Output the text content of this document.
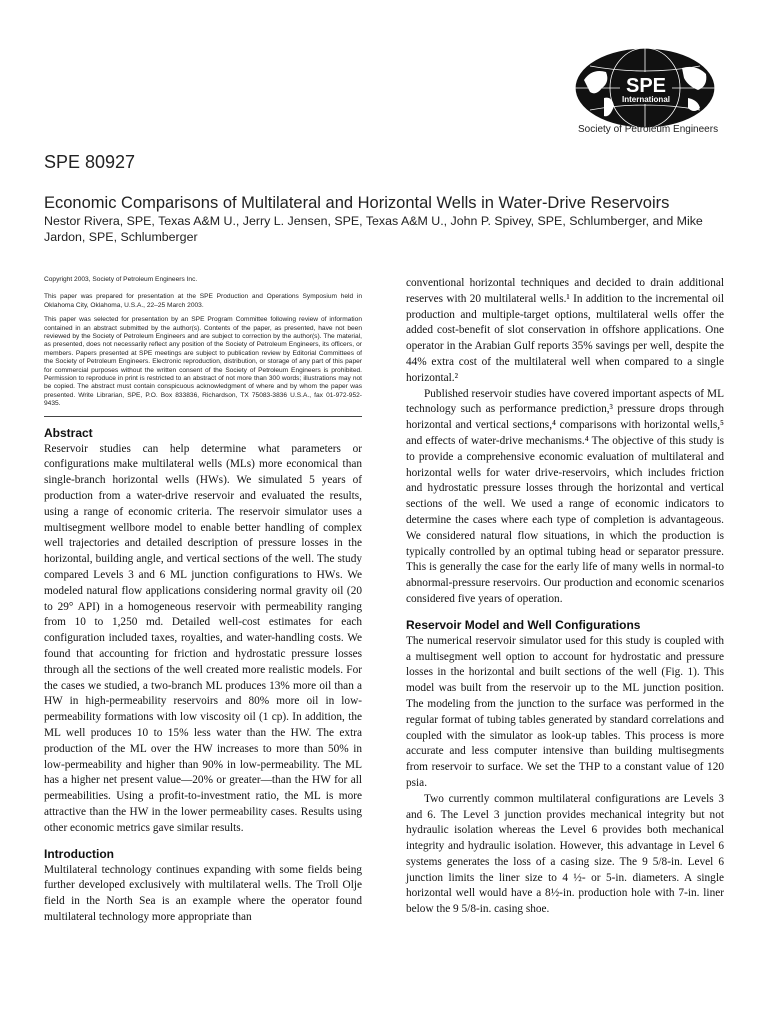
SPE
International
Society of Petroleum Engineers
SPE 80927
Economic Comparisons of Multilateral and Horizontal Wells in Water-Drive Reservoirs
Nestor Rivera, SPE, Texas A&M U., Jerry L. Jensen, SPE, Texas A&M U., John P. Spivey, SPE, Schlumberger, and Mike Jardon, SPE, Schlumberger

Copyright 2003, Society of Petroleum Engineers Inc.

This paper was prepared for presentation at the SPE Production and Operations Symposium held in Oklahoma City, Oklahoma, U.S.A., 22–25 March 2003.

This paper was selected for presentation by an SPE Program Committee following review of information contained in an abstract submitted by the author(s). Contents of the paper, as presented, have not been reviewed by the Society of Petroleum Engineers and are subject to correction by the author(s). The material, as presented, does not necessarily reflect any position of the Society of Petroleum Engineers, its officers, or members. Papers presented at SPE meetings are subject to publication review by Editorial Committees of the Society of Petroleum Engineers. Electronic reproduction, distribution, or storage of any part of this paper for commercial purposes without the written consent of the Society of Petroleum Engineers is prohibited. Permission to reproduce in print is restricted to an abstract of not more than 300 words; illustrations may not be copied. The abstract must contain conspicuous acknowledgment of where and by whom the paper was presented. Write Librarian, SPE, P.O. Box 833836, Richardson, TX 75083-3836 U.S.A., fax 01-972-952-9435.

Abstract

Reservoir studies can help determine what parameters or configurations make multilateral wells (MLs) more economical than single-branch horizontal wells (HWs). We simulated 5 years of production from a water-drive reservoir and evaluated the results, using a range of economic criteria. The reservoir simulator uses a multisegment wellbore model to enable better handling of complex well trajectories and detailed description of pressure losses in the horizontal, building angle, and vertical sections of the well. The study compared Levels 3 and 6 ML junction configurations to HWs. We modeled natural flow applications considering normal gravity oil (20 to 29° API) in a homogeneous reservoir with permeability ranging from 10 to 1,250 md. Detailed well-cost estimates for each configuration included taxes, royalties, and water-handling costs. We found that accounting for friction and hydrostatic pressure losses through all the sections of the well created more realistic models. For the cases we studied, a two-branch ML produces 13% more oil than a HW in high-permeability reservoirs and 80% more oil in low-permeability formations with low viscosity oil (1 cp). In addition, the ML well produces 10 to 15% less water than the HW. The extra production of the ML over the HW increases to more than 50% in low-permeability and higher than 90% in low-permeability. The ML has a higher net present value—20% or greater—than the HW for all permeabilities. Using a profit-to-investment ratio, the ML is more attractive than the HW in the lower permeability cases. Results using other economic metrics gave similar results.

Introduction

Multilateral technology continues expanding with some fields being further developed exclusively with multilateral wells. The Troll Olje field in the North Sea is an example where the operator found multilateral technology more appropriate than

conventional horizontal techniques and decided to drain additional reserves with 20 multilateral wells.¹ In addition to the incremental oil production and multiple-target options, multilateral wells offer the added cost-benefit of slot conservation in offshore applications. One operator in the Arabian Gulf reports 35% savings per well, despite the 44% extra cost of the multilateral well when compared to a single horizontal.²

Published reservoir studies have covered important aspects of ML technology such as performance prediction,³ pressure drops through horizontal and vertical sections,⁴ comparisons with horizontal wells,⁵ and effects of water-drive mechanisms.⁴ The objective of this study is to provide a comprehensive economic evaluation of multilateral and horizontal wells for water drive-reservoirs, which includes friction and hydrostatic pressure losses through the horizontal and vertical sections of the well. We used a range of economic indicators to determine the cases where each type of completion is advantageous. We considered natural flow situations, in which the production is typically controlled by an optimal tubing head or separator pressure. This is generally the case for the early life of many wells in normal-to abnormal-pressure reservoirs. Our production and economic scenarios considered five years of operation.

Reservoir Model and Well Configurations

The numerical reservoir simulator used for this study is coupled with a multisegment well option to account for hydrostatic and pressure losses in the horizontal and built sections of the well (Fig. 1). This model was built from the reservoir up to the ML junction position. The modeling from the junction to the surface was performed in the regular format of tubing tables generated by standard correlations and coupled with the simulator as look-up tables. This process is more accurate and less computer intensive than building multisegments from reservoir to surface. We set the THP to a constant value of 120 psia.

Two currently common multilateral configurations are Levels 3 and 6. The Level 3 junction provides mechanical integrity but not hydraulic isolation whereas the Level 6 provides both mechanical integrity and hydraulic isolation. However, this advantage in Level 6 systems generates the loss of a casing size. The 9 5/8-in. Level 6 junction limits the liner size to 4 ½- or 5-in. diameters. A single horizontal well would have a 8½-in. production hole with 7-in. liner below the 9 5/8-in. casing shoe.
